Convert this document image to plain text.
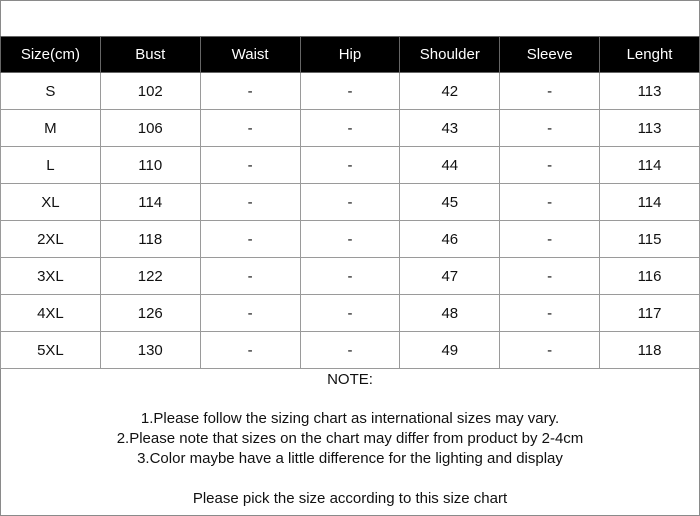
Size(cm)	Bust	Waist	Hip	Shoulder	Sleeve	Lenght
S	102	-	-	42	-	113
M	106	-	-	43	-	113
L	110	-	-	44	-	114
XL	114	-	-	45	-	114
2XL	118	-	-	46	-	115
3XL	122	-	-	47	-	116
4XL	126	-	-	48	-	117
5XL	130	-	-	49	-	118
NOTE:
1.Please follow the sizing chart as international sizes may vary.
2.Please note that sizes on the chart may differ from product by 2-4cm
3.Color maybe have a little difference for the lighting and display
Please pick the size according to this size chart
